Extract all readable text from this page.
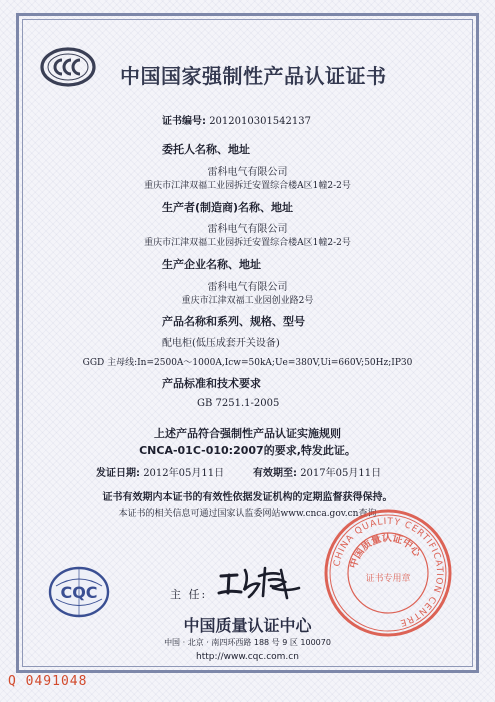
中国国家强制性产品认证证书
证书编号: 2012010301542137
委托人名称、地址
雷科电气有限公司
重庆市江津双福工业园拆迁安置综合楼A区1幢2-2号
生产者(制造商)名称、地址
雷科电气有限公司
重庆市江津双福工业园拆迁安置综合楼A区1幢2-2号
生产企业名称、地址
雷科电气有限公司
重庆市江津双福工业园创业路2号
产品名称和系列、规格、型号
配电柜(低压成套开关设备)
GGD 主母线:In=2500A～1000A,Icw=50kA;Ue=380V,Ui=660V;50Hz;IP30
产品标准和技术要求
GB 7251.1-2005
上述产品符合强制性产品认证实施规则
CNCA-01C-010:2007的要求,特发此证。
发证日期: 2012年05月11日	有效期至: 2017年05月11日
证书有效期内本证书的有效性依据发证机构的定期监督获得保持。
本证书的相关信息可通过国家认监委网站www.cnca.gov.cn查询
CQC	主 任:
中国质量认证中心
中国 · 北京 · 南四环西路 188 号 9 区 100070
http://www.cqc.com.cn
CHINA QUALITY CERTIFICATION CENTRE
中国质量认证中心
证书专用章
Q 0491048
